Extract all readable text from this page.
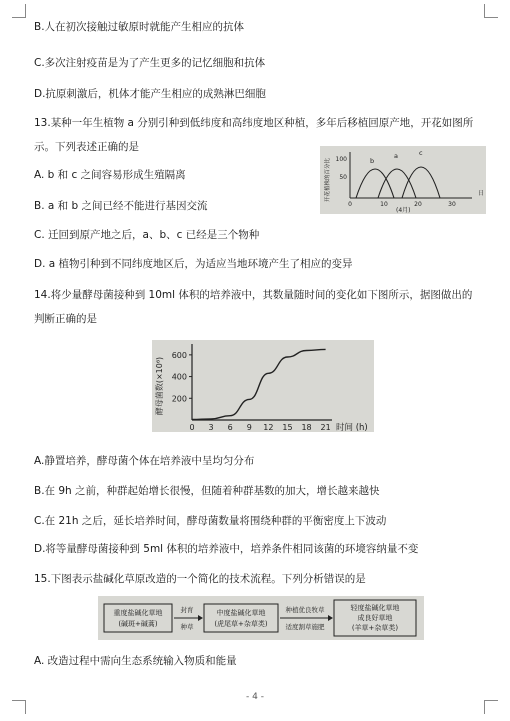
B.人在初次接触过敏原时就能产生相应的抗体
C.多次注射疫苗是为了产生更多的记忆细胞和抗体
D.抗原刺激后，机体才能产生相应的成熟淋巴细胞
13.某种一年生植物 a 分别引种到低纬度和高纬度地区种植，多年后移植回原产地，开花如图所
示。下列表述正确的是
A. b 和 c 之间容易形成生殖隔离
B. a 和 b 之间已经不能进行基因交流
C. 迁回到原产地之后，a、b、c 已经是三个物种
D. a 植物引种到不同纬度地区后，为适应当地环境产生了相应的变异
14.将少量酵母菌接种到 10ml 体积的培养液中，其数量随时间的变化如下图所示，据图做出的
判断正确的是
开花植株的百分比 50
100
0	10	20	30
日
(4月)
b
a	c
酵母菌数(×10⁶)
时间 (h)
0 3 6 9 12 15 18 21
200
400
600
A.静置培养，酵母菌个体在培养液中呈均匀分布
B.在 9h 之前，种群起始增长很慢，但随着种群基数的加大，增长越来越快
C.在 21h 之后，延长培养时间，酵母菌数量将围绕种群的平衡密度上下波动
D.将等量酵母菌接种到 5ml 体积的培养液中，培养条件相同该菌的环境容纳量不变
15.下图表示盐碱化草原改造的一个简化的技术流程。下列分析错误的是
重度盐碱化草地
(碱斑+碱蒿)
封育
种草
中度盐碱化草地
(虎尾草+杂草类)
种植优良牧草
适度割草施肥
轻度盐碱化草地
成良好草地
(羊草+杂草类)
A. 改造过程中需向生态系统输入物质和能量
- 4 -
